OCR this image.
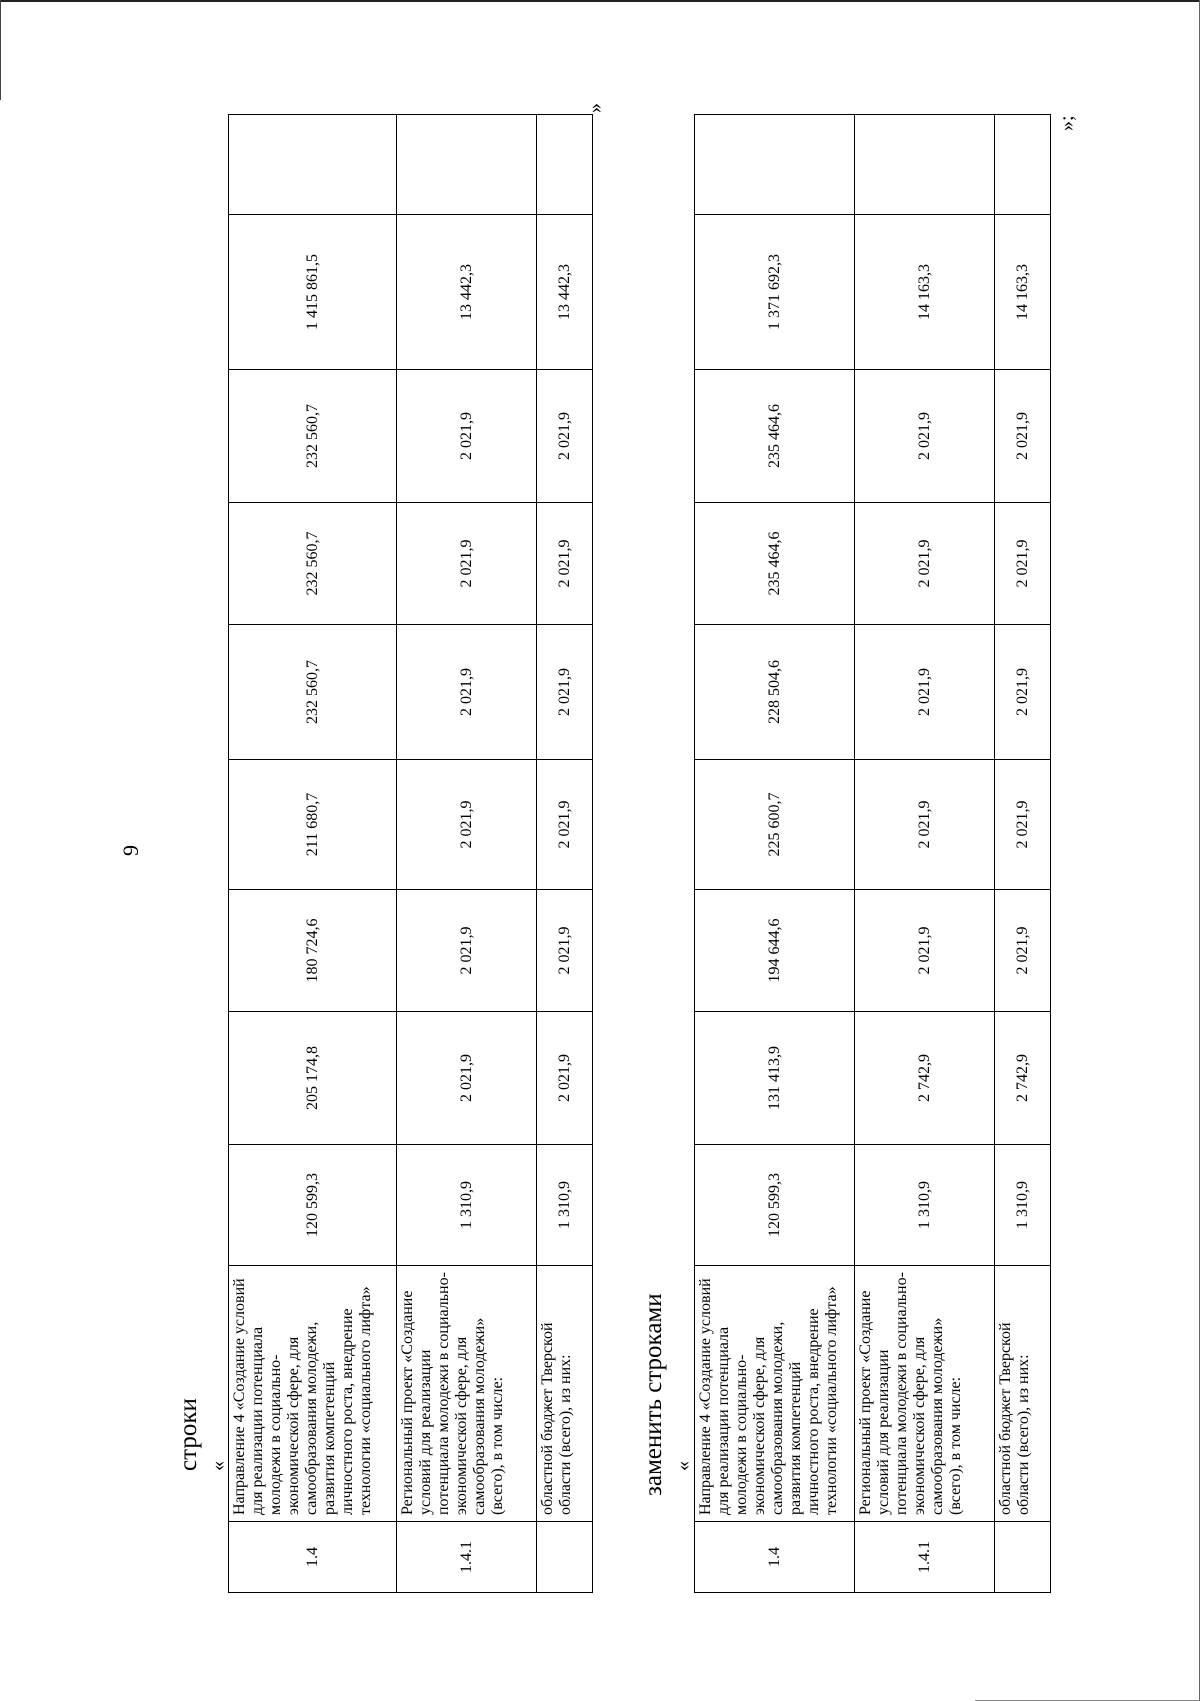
9
строки «
1.4	Направление 4 «Создание условий для реализации потенциала молодежи в социально-экономической сфере, для самообразования молодежи, развития компетенций личностного роста, внедрение технологии «социального лифта»	120 599,3	205 174,8	180 724,6	211 680,7	232 560,7	232 560,7	232 560,7	1 415 861,5	
1.4.1	Региональный проект «Создание условий для реализации потенциала молодежи в социально-экономической сфере, для самообразования молодежи» (всего), в том числе:	1 310,9	2 021,9	2 021,9	2 021,9	2 021,9	2 021,9	2 021,9	13 442,3	
	областной бюджет Тверской области (всего), из них:	1 310,9	2 021,9	2 021,9	2 021,9	2 021,9	2 021,9	2 021,9	13 442,3	
»
заменить строками «
1.4	Направление 4 «Создание условий для реализации потенциала молодежи в социально-экономической сфере, для самообразования молодежи, развития компетенций личностного роста, внедрение технологии «социального лифта»	120 599,3	131 413,9	194 644,6	225 600,7	228 504,6	235 464,6	235 464,6	1 371 692,3	
1.4.1	Региональный проект «Создание условий для реализации потенциала молодежи в социально-экономической сфере, для самообразования молодежи» (всего), в том числе:	1 310,9	2 742,9	2 021,9	2 021,9	2 021,9	2 021,9	2 021,9	14 163,3	
	областной бюджет Тверской области (всего), из них:	1 310,9	2 742,9	2 021,9	2 021,9	2 021,9	2 021,9	2 021,9	14 163,3	
»;
